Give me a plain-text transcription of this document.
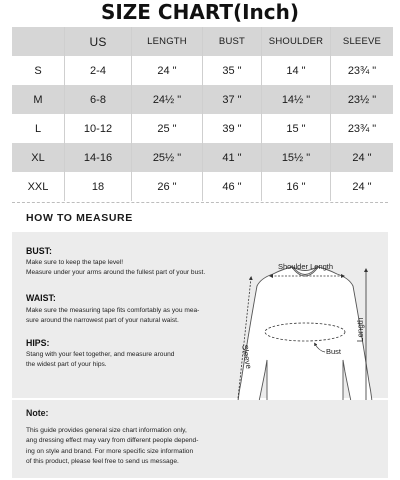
SIZE CHART(Inch)
	US	LENGTH	BUST	SHOULDER	SLEEVE
S	2-4	24 "	35 "	14 "	23¾ "
M	6-8	24½ "	37 "	14½ "	23½ "
L	10-12	25 "	39 "	15 "	23¾ "
XL	14-16	25½ "	41 "	15½ "	24 "
XXL	18	26 "	46 "	16 "	24 "
HOW TO MEASURE
BUST:
Make sure to keep the tape level!
Measure under your arms around the fullest part of your bust.
WAIST:
Make sure the measuring tape fits comfortably as you mea-
sure around the narrowest part of your natural waist.
HIPS:
Stang with your feet together, and measure around
the widest part of your hips.
Shoulder Length
Length
Sleeve	Bust
Note:
This guide provides general size chart information only,
ang dressing effect may vary from different people depend-
ing on style and brand. For more specific size information
of this product, please feel free to send us message.
